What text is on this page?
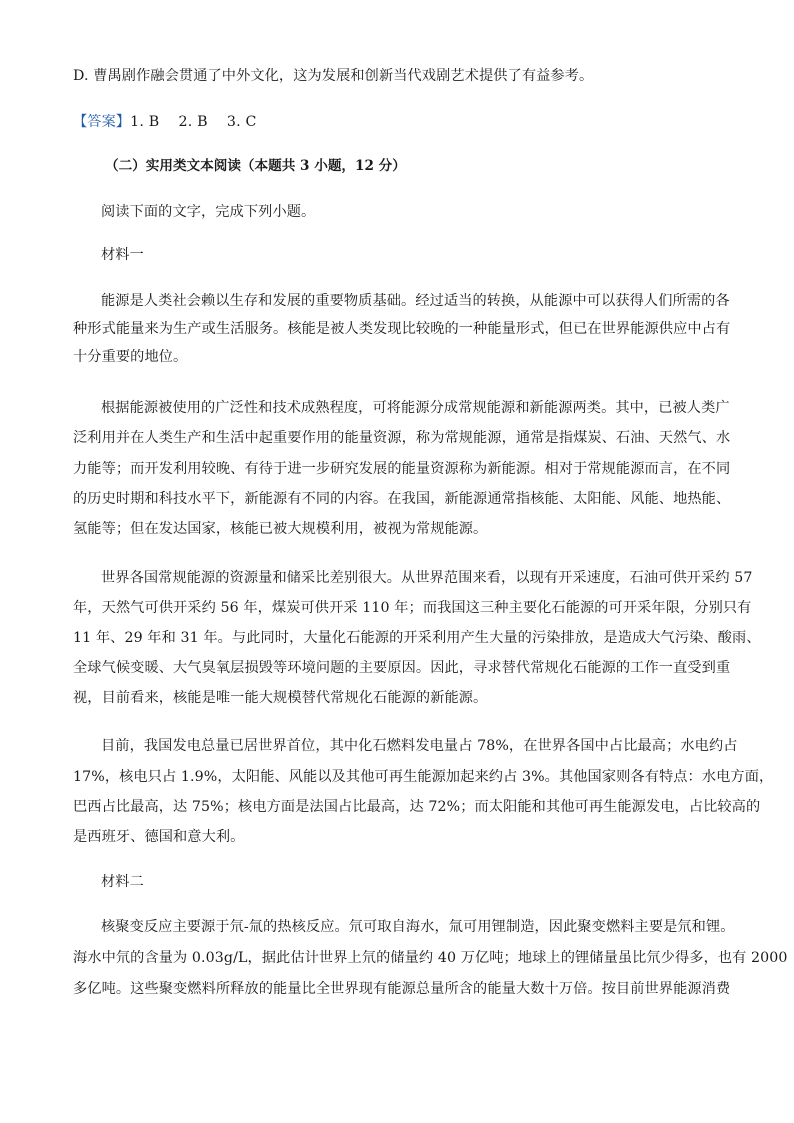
D. 曹禺剧作融会贯通了中外文化，这为发展和创新当代戏剧艺术提供了有益参考。
【答案】1. B　 2. B　 3. C
（二）实用类文本阅读（本题共 3 小题，12 分）
阅读下面的文字，完成下列小题。
材料一
能源是人类社会赖以生存和发展的重要物质基础。经过适当的转换，从能源中可以获得人们所需的各
种形式能量来为生产或生活服务。核能是被人类发现比较晚的一种能量形式，但已在世界能源供应中占有
十分重要的地位。
根据能源被使用的广泛性和技术成熟程度，可将能源分成常规能源和新能源两类。其中，已被人类广
泛利用并在人类生产和生活中起重要作用的能量资源，称为常规能源，通常是指煤炭、石油、天然气、水
力能等；而开发利用较晚、有待于进一步研究发展的能量资源称为新能源。相对于常规能源而言，在不同
的历史时期和科技水平下，新能源有不同的内容。在我国，新能源通常指核能、太阳能、风能、地热能、
氢能等；但在发达国家，核能已被大规模利用，被视为常规能源。
世界各国常规能源的资源量和储采比差别很大。从世界范围来看，以现有开采速度，石油可供开采约 57
年，天然气可供开采约 56 年，煤炭可供开采 110 年；而我国这三种主要化石能源的可开采年限，分别只有
11 年、29 年和 31 年。与此同时，大量化石能源的开采利用产生大量的污染排放，是造成大气污染、酸雨、
全球气候变暖、大气臭氧层损毁等环境问题的主要原因。因此，寻求替代常规化石能源的工作一直受到重
视，目前看来，核能是唯一能大规模替代常规化石能源的新能源。
目前，我国发电总量已居世界首位，其中化石燃料发电量占 78%，在世界各国中占比最高；水电约占
17%，核电只占 1.9%，太阳能、风能以及其他可再生能源加起来约占 3%。其他国家则各有特点：水电方面，
巴西占比最高，达 75%；核电方面是法国占比最高，达 72%；而太阳能和其他可再生能源发电，占比较高的
是西班牙、德国和意大利。
材料二
核聚变反应主要源于氘-氚的热核反应。氘可取自海水，氚可用锂制造，因此聚变燃料主要是氘和锂。
海水中氘的含量为 0.03g/L，据此估计世界上氘的储量约 40 万亿吨；地球上的锂储量虽比氘少得多，也有 2000
多亿吨。这些聚变燃料所释放的能量比全世界现有能源总量所含的能量大数十万倍。按目前世界能源消费
